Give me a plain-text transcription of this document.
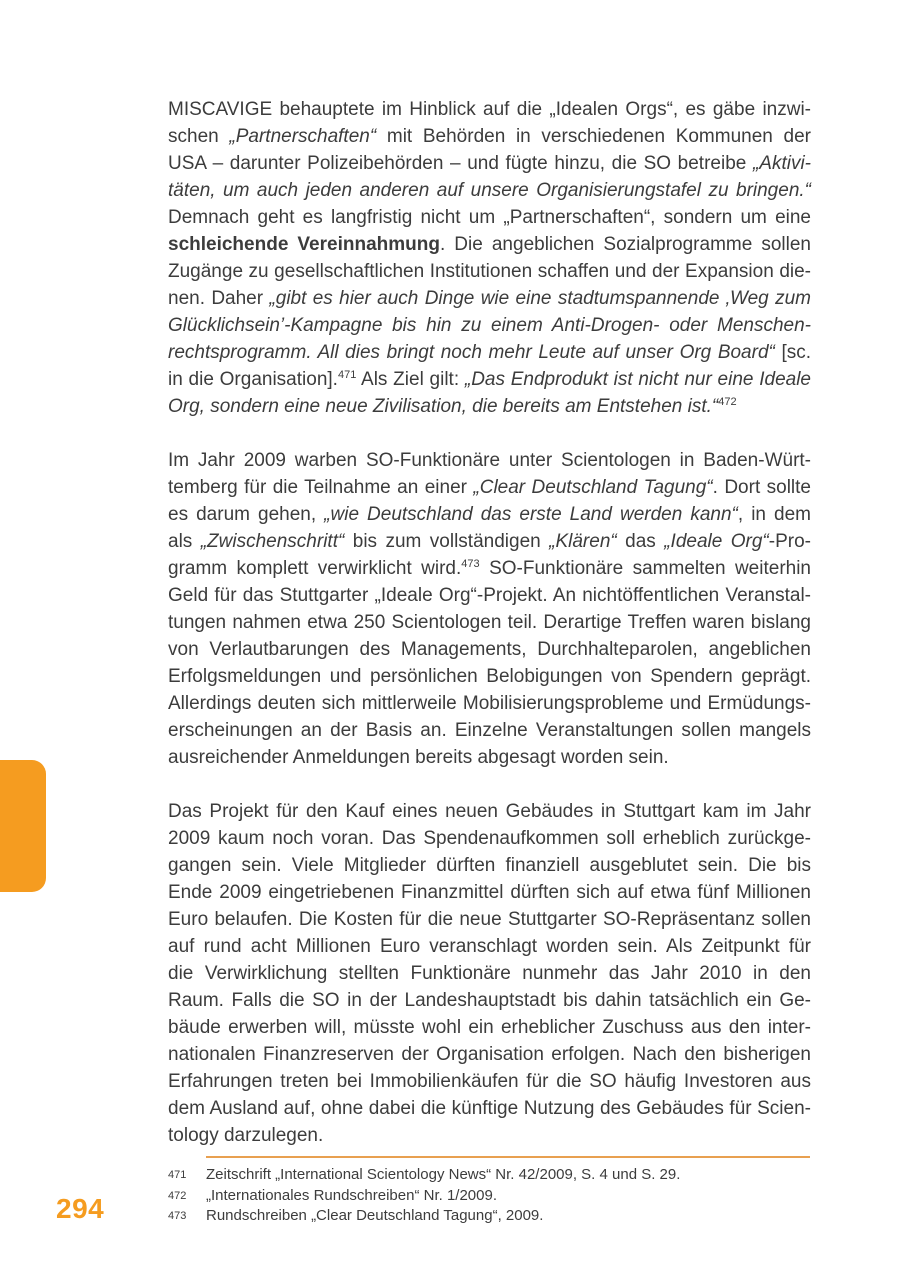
294
MISCAVIGE behauptete im Hinblick auf die „Idealen Orgs“, es gäbe inzwi-
schen „Partnerschaften“ mit Behörden in verschiedenen Kommunen der
USA – darunter Polizeibehörden – und fügte hinzu, die SO betreibe „Aktivi-
täten, um auch jeden anderen auf unsere Organisierungstafel zu bringen.“
Demnach geht es langfristig nicht um „Partnerschaften“, sondern um eine
schleichende Vereinnahmung. Die angeblichen Sozialprogramme sollen
Zugänge zu gesellschaftlichen Institutionen schaffen und der Expansion die-
nen. Daher „gibt es hier auch Dinge wie eine stadtumspannende ‚Weg zum
Glücklichsein’-Kampagne bis hin zu einem Anti-Drogen- oder Menschen-
rechtsprogramm. All dies bringt noch mehr Leute auf unser Org Board“ [sc.
in die Organisation].$^{471}$ Als Ziel gilt: „Das Endprodukt ist nicht nur eine Ideale
Org, sondern eine neue Zivilisation, die bereits am Entstehen ist.“$^{472}$
Im Jahr 2009 warben SO-Funktionäre unter Scientologen in Baden-Würt-
temberg für die Teilnahme an einer „Clear Deutschland Tagung“. Dort sollte
es darum gehen, „wie Deutschland das erste Land werden kann“, in dem
als „Zwischenschritt“ bis zum vollständigen „Klären“ das „Ideale Org“-Pro-
gramm komplett verwirklicht wird.$^{473}$ SO-Funktionäre sammelten weiterhin
Geld für das Stuttgarter „Ideale Org“-Projekt. An nichtöffentlichen Veranstal-
tungen nahmen etwa 250 Scientologen teil. Derartige Treffen waren bislang
von Verlautbarungen des Managements, Durchhalteparolen, angeblichen
Erfolgsmeldungen und persönlichen Belobigungen von Spendern geprägt.
Allerdings deuten sich mittlerweile Mobilisierungsprobleme und Ermüdungs-
erscheinungen an der Basis an. Einzelne Veranstaltungen sollen mangels
ausreichender Anmeldungen bereits abgesagt worden sein.
Das Projekt für den Kauf eines neuen Gebäudes in Stuttgart kam im Jahr
2009 kaum noch voran. Das Spendenaufkommen soll erheblich zurückge-
gangen sein. Viele Mitglieder dürften finanziell ausgeblutet sein. Die bis
Ende 2009 eingetriebenen Finanzmittel dürften sich auf etwa fünf Millionen
Euro belaufen. Die Kosten für die neue Stuttgarter SO-Repräsentanz sollen
auf rund acht Millionen Euro veranschlagt worden sein. Als Zeitpunkt für
die Verwirklichung stellten Funktionäre nunmehr das Jahr 2010 in den
Raum. Falls die SO in der Landeshauptstadt bis dahin tatsächlich ein Ge-
bäude erwerben will, müsste wohl ein erheblicher Zuschuss aus den inter-
nationalen Finanzreserven der Organisation erfolgen. Nach den bisherigen
Erfahrungen treten bei Immobilienkäufen für die SO häufig Investoren aus
dem Ausland auf, ohne dabei die künftige Nutzung des Gebäudes für Scien-
tology darzulegen.
471	Zeitschrift „International Scientology News“ Nr. 42/2009, S. 4 und S. 29.
472	„Internationales Rundschreiben“ Nr. 1/2009.
473	Rundschreiben „Clear Deutschland Tagung“, 2009.
